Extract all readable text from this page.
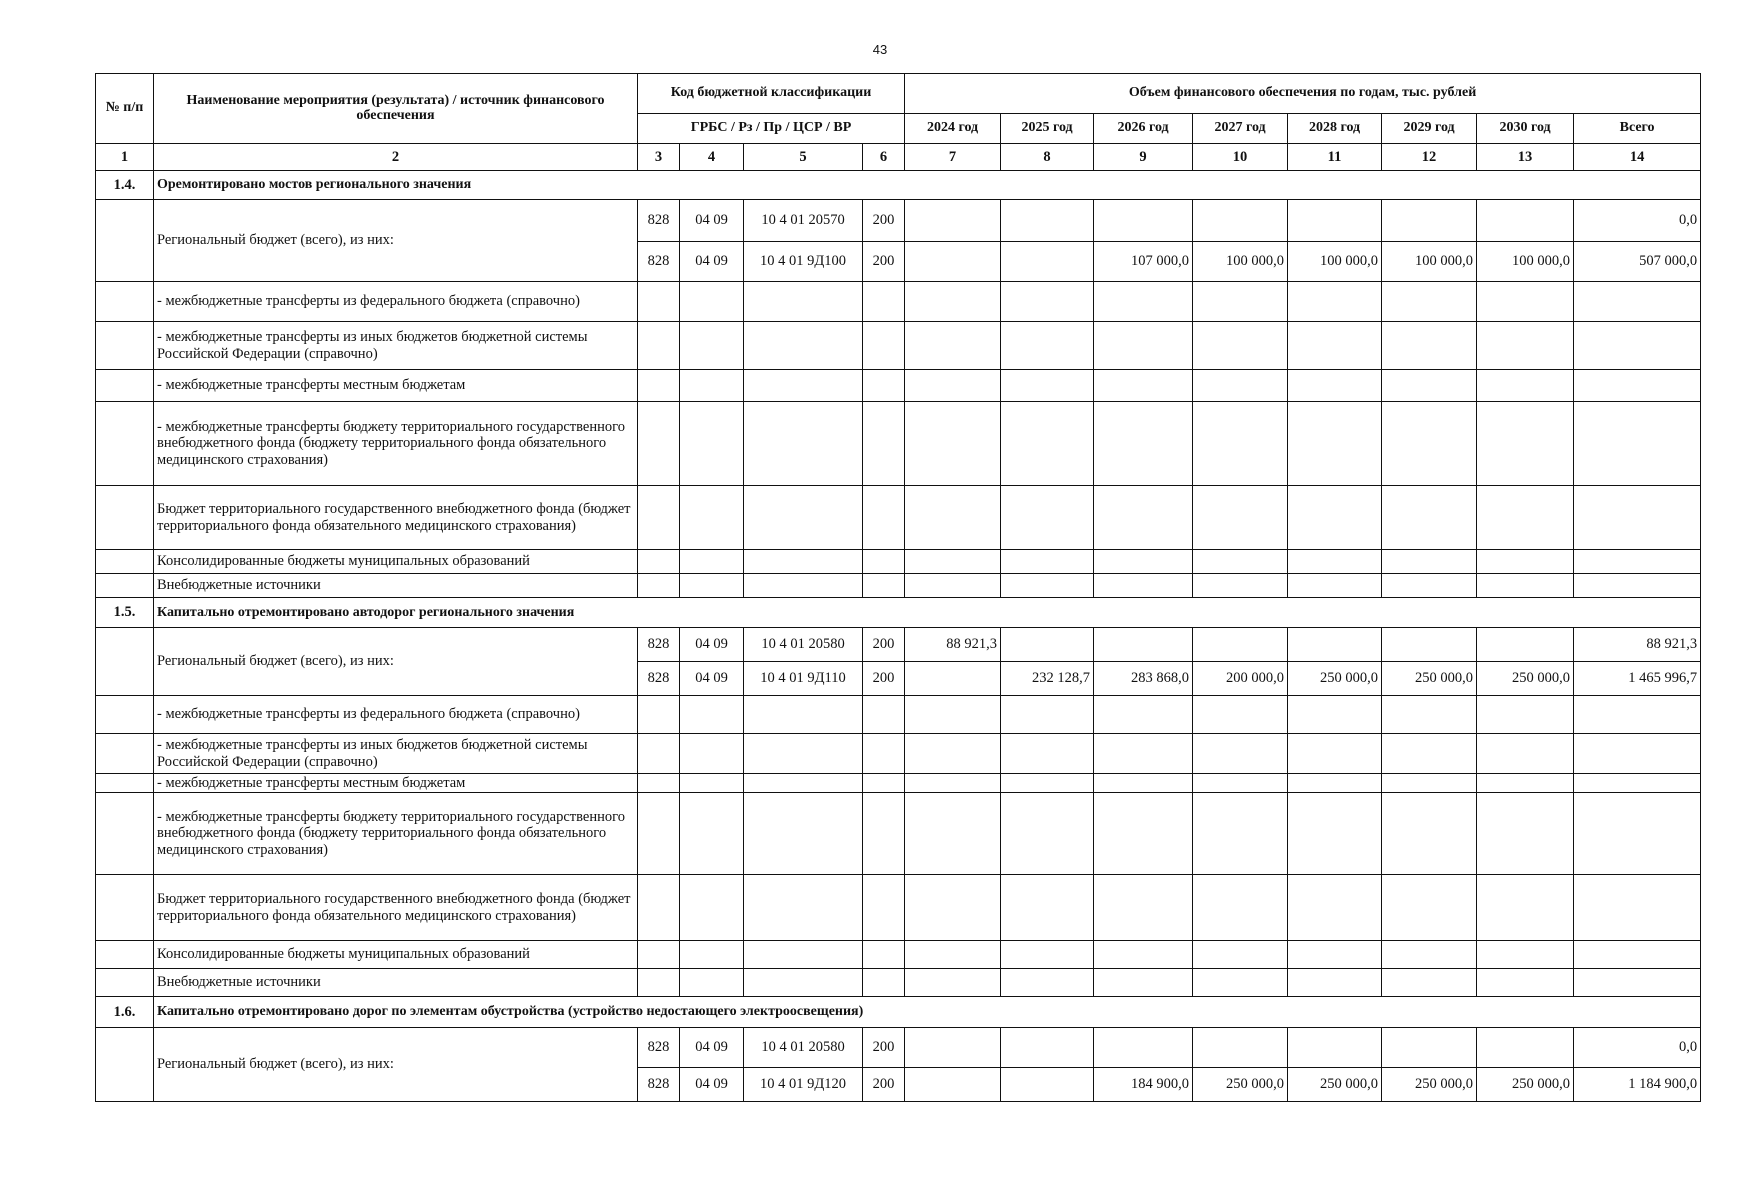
43
№ п/п	Наименование мероприятия (результата) / источник финансового обеспечения	Код бюджетной классификации				Объем финансового обеспечения по годам, тыс. рублей							
		ГРБС / Рз / Пр / ЦСР / ВР				2024 год	2025 год	2026 год	2027 год	2028 год	2029 год	2030 год	Всего
1	2	3	4	5	6	7	8	9	10	11	12	13	14
1.4.	Оремонтировано мостов регионального значения												
	Региональный бюджет (всего), из них:	828	04 09	10 4 01 20570	200								0,0
		828	04 09	10 4 01 9Д100	200			107 000,0	100 000,0	100 000,0	100 000,0	100 000,0	507 000,0
	- межбюджетные трансферты из федерального бюджета (справочно)												
	- межбюджетные трансферты из иных бюджетов бюджетной системы Российской Федерации (справочно)												
	- межбюджетные трансферты местным бюджетам												
	- межбюджетные трансферты бюджету территориального государственного внебюджетного фонда (бюджету территориального фонда обязательного медицинского страхования)												
	Бюджет территориального государственного внебюджетного фонда (бюджет территориального фонда обязательного медицинского страхования)												
	Консолидированные бюджеты муниципальных образований												
	Внебюджетные источники												
1.5.	Капитально отремонтировано автодорог регионального значения												
	Региональный бюджет (всего), из них:	828	04 09	10 4 01 20580	200	88 921,3							88 921,3
		828	04 09	10 4 01 9Д110	200		232 128,7	283 868,0	200 000,0	250 000,0	250 000,0	250 000,0	1 465 996,7
	- межбюджетные трансферты из федерального бюджета (справочно)												
	- межбюджетные трансферты из иных бюджетов бюджетной системы Российской Федерации (справочно)												
	- межбюджетные трансферты местным бюджетам												
	- межбюджетные трансферты бюджету территориального государственного внебюджетного фонда (бюджету территориального фонда обязательного медицинского страхования)												
	Бюджет территориального государственного внебюджетного фонда (бюджет территориального фонда обязательного медицинского страхования)												
	Консолидированные бюджеты муниципальных образований												
	Внебюджетные источники												
1.6.	Капитально отремонтировано дорог по элементам обустройства (устройство недостающего электроосвещения)												
	Региональный бюджет (всего), из них:	828	04 09	10 4 01 20580	200								0,0
		828	04 09	10 4 01 9Д120	200			184 900,0	250 000,0	250 000,0	250 000,0	250 000,0	1 184 900,0
